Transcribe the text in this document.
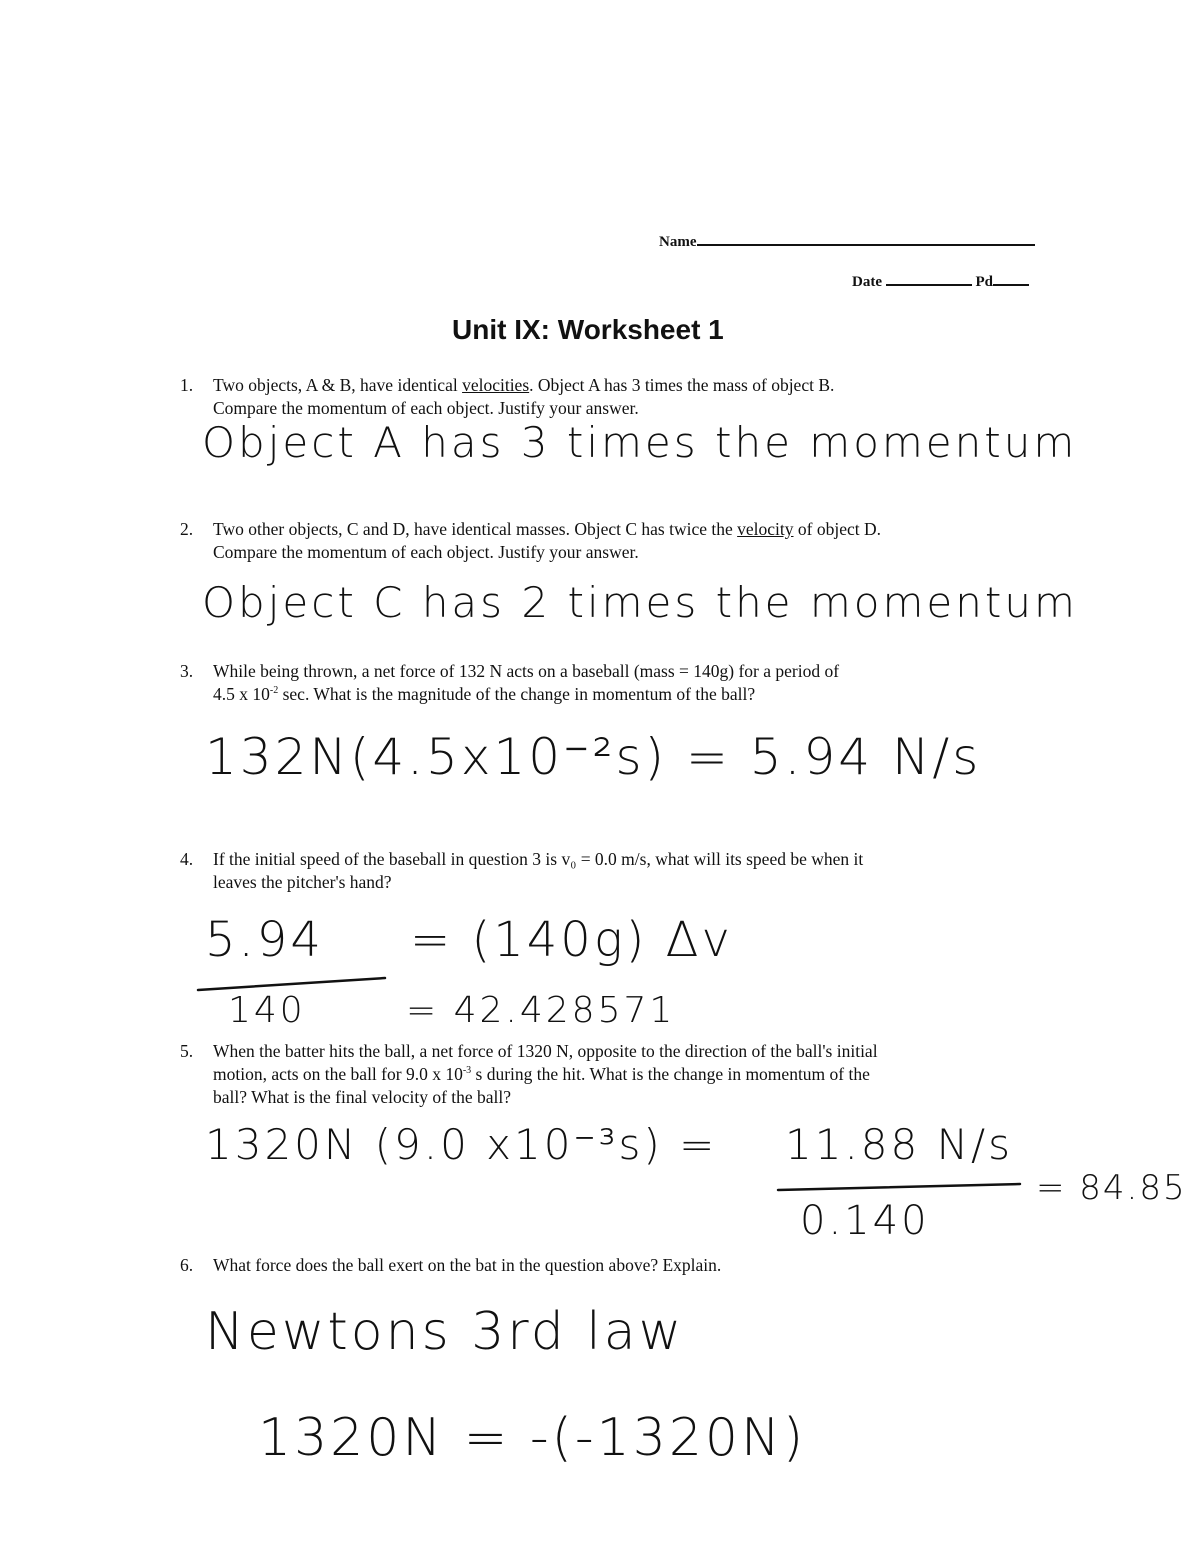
Name
Date	Pd
Unit IX: Worksheet 1
1. Two objects, A & B, have identical velocities. Object A has 3 times the mass of object B.
Compare the momentum of each object. Justify your answer.
Object A has 3 times the momentum
2. Two other objects, C and D, have identical masses. Object C has twice the velocity of object D.
Compare the momentum of each object. Justify your answer.
Object C has 2 times the momentum
3. While being thrown, a net force of 132 N acts on a baseball (mass = 140g) for a period of
4.5 x $10^{-2}$ sec. What is the magnitude of the change in momentum of the ball?
132N(4.5x10⁻²s) = 5.94 N/s
4. If the initial speed of the baseball in question 3 is v₀ = 0.0 m/s, what will its speed be when it
leaves the pitcher's hand?
5.94 = (140g) Δv
140	= 42.428571
5. When the batter hits the ball, a net force of 1320 N, opposite to the direction of the ball's initial
motion, acts on the ball for 9.0 x $10^{-3}$ s during the hit. What is the change in momentum of the
ball? What is the final velocity of the ball?
1320N (9.0 x10⁻³s) = 11.88 N/s
0.140
= 84.85
6. What force does the ball exert on the bat in the question above? Explain.
Newtons 3rd law
1320N = -(-1320N)
